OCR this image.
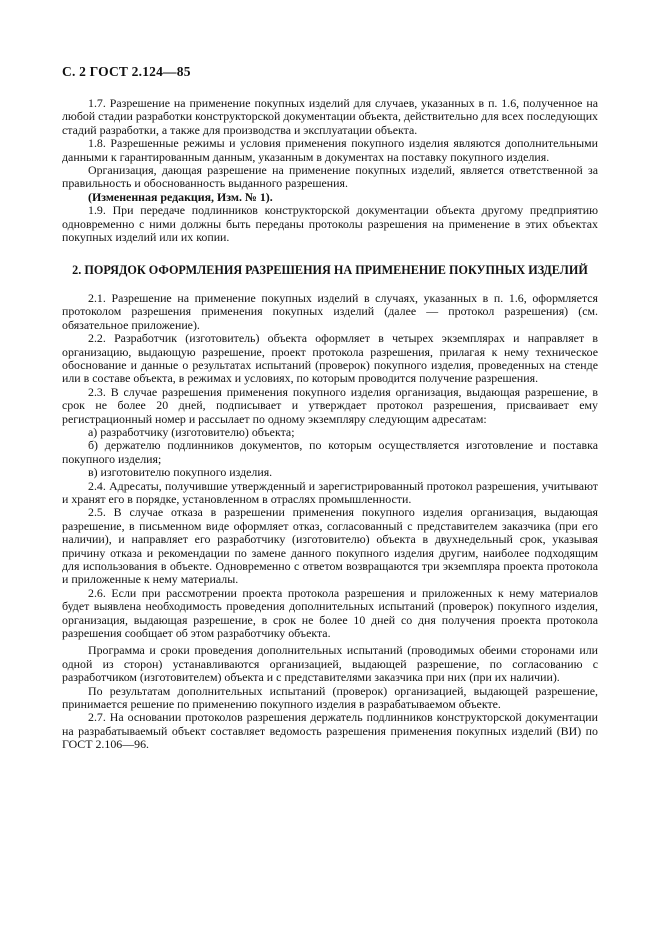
С. 2 ГОСТ 2.124—85

1.7. Разрешение на применение покупных изделий для случаев, указанных в п. 1.6, полученное на любой стадии разработки конструкторской документации объекта, действительно для всех последующих стадий разработки, а также для производства и эксплуатации объекта.

1.8. Разрешенные режимы и условия применения покупного изделия являются дополнительными данными к гарантированным данным, указанным в документах на поставку покупного изделия.

Организация, дающая разрешение на применение покупных изделий, является ответственной за правильность и обоснованность выданного разрешения.

(Измененная редакция, Изм. № 1).

1.9. При передаче подлинников конструкторской документации объекта другому предприятию одновременно с ними должны быть переданы протоколы разрешения на применение в этих объектах покупных изделий или их копии.

2. ПОРЯДОК ОФОРМЛЕНИЯ РАЗРЕШЕНИЯ НА ПРИМЕНЕНИЕ ПОКУПНЫХ ИЗДЕЛИЙ

2.1. Разрешение на применение покупных изделий в случаях, указанных в п. 1.6, оформляется протоколом разрешения применения покупных изделий (далее — протокол разрешения) (см. обязательное приложение).

2.2. Разработчик (изготовитель) объекта оформляет в четырех экземплярах и направляет в организацию, выдающую разрешение, проект протокола разрешения, прилагая к нему техническое обоснование и данные о результатах испытаний (проверок) покупного изделия, проведенных на стенде или в составе объекта, в режимах и условиях, по которым проводится получение разрешения.

2.3. В случае разрешения применения покупного изделия организация, выдающая разрешение, в срок не более 20 дней, подписывает и утверждает протокол разрешения, присваивает ему регистрационный номер и рассылает по одному экземпляру следующим адресатам:

а) разработчику (изготовителю) объекта;
б) держателю подлинников документов, по которым осуществляется изготовление и поставка покупного изделия;
в) изготовителю покупного изделия.

2.4. Адресаты, получившие утвержденный и зарегистрированный протокол разрешения, учитывают и хранят его в порядке, установленном в отраслях промышленности.

2.5. В случае отказа в разрешении применения покупного изделия организация, выдающая разрешение, в письменном виде оформляет отказ, согласованный с представителем заказчика (при его наличии), и направляет его разработчику (изготовителю) объекта в двухнедельный срок, указывая причину отказа и рекомендации по замене данного покупного изделия другим, наиболее подходящим для использования в объекте. Одновременно с ответом возвращаются три экземпляра проекта протокола и приложенные к нему материалы.

2.6. Если при рассмотрении проекта протокола разрешения и приложенных к нему материалов будет выявлена необходимость проведения дополнительных испытаний (проверок) покупного изделия, организация, выдающая разрешение, в срок не более 10 дней со дня получения проекта протокола разрешения сообщает об этом разработчику объекта.

Программа и сроки проведения дополнительных испытаний (проводимых обеими сторонами или одной из сторон) устанавливаются организацией, выдающей разрешение, по согласованию с разработчиком (изготовителем) объекта и с представителями заказчика при них (при их наличии).

По результатам дополнительных испытаний (проверок) организацией, выдающей разрешение, принимается решение по применению покупного изделия в разрабатываемом объекте.

2.7. На основании протоколов разрешения держатель подлинников конструкторской документации на разрабатываемый объект составляет ведомость разрешения применения покупных изделий (ВИ) по ГОСТ 2.106—96.
